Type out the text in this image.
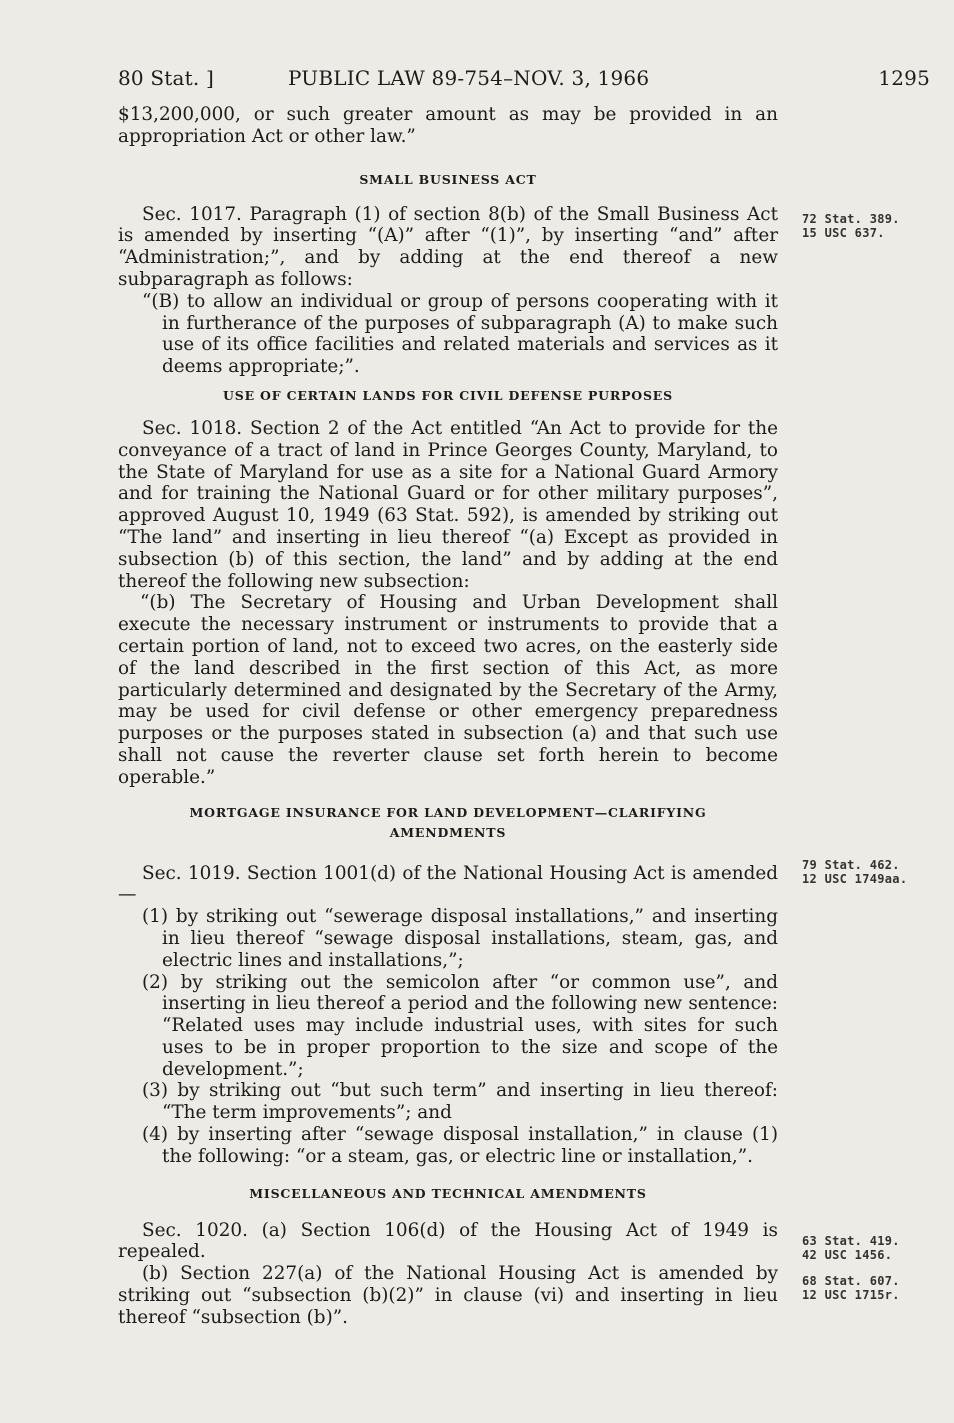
80 Stat. ]	PUBLIC LAW 89-754–NOV. 3, 1966	1295

$13,200,000, or such greater amount as may be provided in an appropriation Act or other law.”

SMALL BUSINESS ACT

Sec. 1017. Paragraph (1) of section 8(b) of the Small Business Act is amended by inserting “(A)” after “(1)”, by inserting “and” after “Administration;”, and by adding at the end thereof a new subparagraph as follows:

“(B) to allow an individual or group of persons cooperating with it in furtherance of the purposes of subparagraph (A) to make such use of its office facilities and related materials and services as it deems appropriate;”.

USE OF CERTAIN LANDS FOR CIVIL DEFENSE PURPOSES

Sec. 1018. Section 2 of the Act entitled “An Act to provide for the conveyance of a tract of land in Prince Georges County, Maryland, to the State of Maryland for use as a site for a National Guard Armory and for training the National Guard or for other military purposes”, approved August 10, 1949 (63 Stat. 592), is amended by striking out “The land” and inserting in lieu thereof “(a) Except as provided in subsection (b) of this section, the land” and by adding at the end thereof the following new subsection:

“(b) The Secretary of Housing and Urban Development shall execute the necessary instrument or instruments to provide that a certain portion of land, not to exceed two acres, on the easterly side of the land described in the first section of this Act, as more particularly determined and designated by the Secretary of the Army, may be used for civil defense or other emergency preparedness purposes or the purposes stated in subsection (a) and that such use shall not cause the reverter clause set forth herein to become operable.”

MORTGAGE INSURANCE FOR LAND DEVELOPMENT—CLARIFYING

AMENDMENTS

Sec. 1019. Section 1001(d) of the National Housing Act is amended—

(1) by striking out “sewerage disposal installations,” and inserting in lieu thereof “sewage disposal installations, steam, gas, and electric lines and installations,”;

(2) by striking out the semicolon after “or common use”, and inserting in lieu thereof a period and the following new sentence: “Related uses may include industrial uses, with sites for such uses to be in proper proportion to the size and scope of the development.”;

(3) by striking out “but such term” and inserting in lieu thereof: “The term improvements”; and

(4) by inserting after “sewage disposal installation,” in clause (1) the following: “or a steam, gas, or electric line or installation,”.

MISCELLANEOUS AND TECHNICAL AMENDMENTS

Sec. 1020. (a) Section 106(d) of the Housing Act of 1949 is repealed.

(b) Section 227(a) of the National Housing Act is amended by striking out “subsection (b)(2)” in clause (vi) and inserting in lieu thereof “subsection (b)”.

72 Stat. 389.
15 USC 637.
79 Stat. 462.
12 USC 1749aa.
63 Stat. 419.
42 USC 1456.
68 Stat. 607.
12 USC 1715r.
